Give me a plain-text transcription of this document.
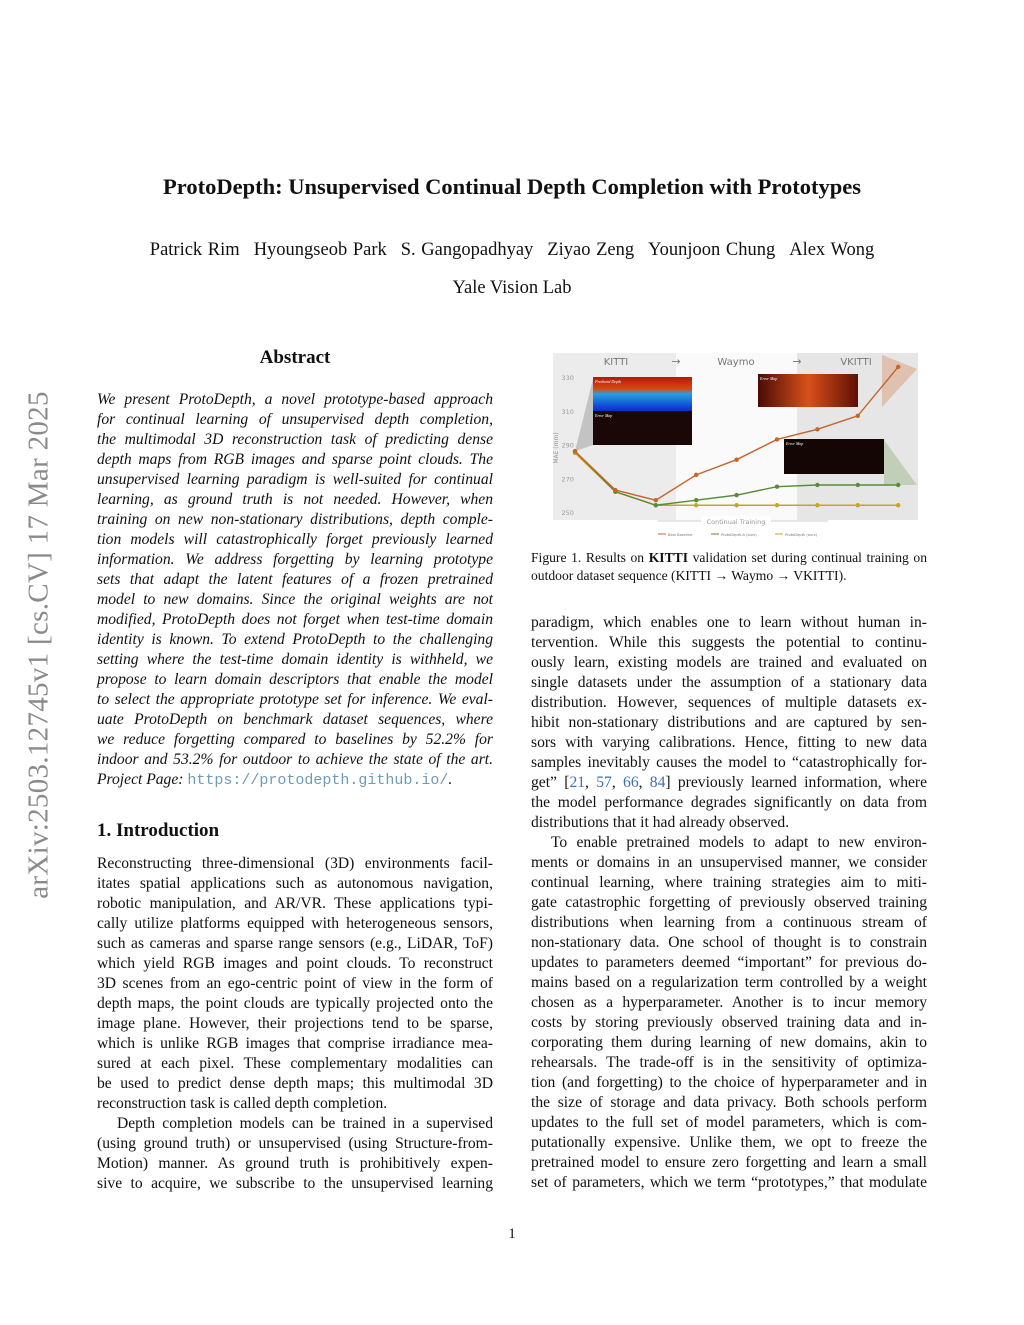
arXiv:2503.12745v1 [cs.CV] 17 Mar 2025
ProtoDepth: Unsupervised Continual Depth Completion with Prototypes
Patrick Rim Hyoungseob Park S. Gangopadhyay Ziyao Zeng Younjoon Chung Alex Wong
Yale Vision Lab
Abstract
We present ProtoDepth, a novel prototype-based approach
for continual learning of unsupervised depth completion,
the multimodal 3D reconstruction task of predicting dense
depth maps from RGB images and sparse point clouds. The
unsupervised learning paradigm is well-suited for continual
learning, as ground truth is not needed. However, when
training on new non-stationary distributions, depth comple-
tion models will catastrophically forget previously learned
information. We address forgetting by learning prototype
sets that adapt the latent features of a frozen pretrained
model to new domains. Since the original weights are not
modified, ProtoDepth does not forget when test-time domain
identity is known. To extend ProtoDepth to the challenging
setting where the test-time domain identity is withheld, we
propose to learn domain descriptors that enable the model
to select the appropriate prototype set for inference. We eval-
uate ProtoDepth on benchmark dataset sequences, where
we reduce forgetting compared to baselines by 52.2% for
indoor and 53.2% for outdoor to achieve the state of the art.
Project Page: https://protodepth.github.io/.
1. Introduction
Reconstructing three-dimensional (3D) environments facil-
itates spatial applications such as autonomous navigation,
robotic manipulation, and AR/VR. These applications typi-
cally utilize platforms equipped with heterogeneous sensors,
such as cameras and sparse range sensors (e.g., LiDAR, ToF)
which yield RGB images and point clouds. To reconstruct
3D scenes from an ego-centric point of view in the form of
depth maps, the point clouds are typically projected onto the
image plane. However, their projections tend to be sparse,
which is unlike RGB images that comprise irradiance mea-
sured at each pixel. These complementary modalities can
be used to predict dense depth maps; this multimodal 3D
reconstruction task is called depth completion.
Depth completion models can be trained in a supervised
(using ground truth) or unsupervised (using Structure-from-
Motion) manner. As ground truth is prohibitively expen-
sive to acquire, we subscribe to the unsupervised learning
paradigm, which enables one to learn without human in-
tervention. While this suggests the potential to continu-
ously learn, existing models are trained and evaluated on
single datasets under the assumption of a stationary data
distribution. However, sequences of multiple datasets ex-
hibit non-stationary distributions and are captured by sen-
sors with varying calibrations. Hence, fitting to new data
samples inevitably causes the model to “catastrophically for-
get” [21, 57, 66, 84] previously learned information, where
the model performance degrades significantly on data from
distributions that it had already observed.
To enable pretrained models to adapt to new environ-
ments or domains in an unsupervised manner, we consider
continual learning, where training strategies aim to miti-
gate catastrophic forgetting of previously observed training
distributions when learning from a continuous stream of
non-stationary data. One school of thought is to constrain
updates to parameters deemed “important” for previous do-
mains based on a regularization term controlled by a weight
chosen as a hyperparameter. Another is to incur memory
costs by storing previously observed training data and in-
corporating them during learning of new domains, akin to
rehearsals. The trade-off is in the sensitivity of optimiza-
tion (and forgetting) to the choice of hyperparameter and in
the size of storage and data privacy. Both schools perform
updates to the full set of model parameters, which is com-
putationally expensive. Unlike them, we opt to freeze the
pretrained model to ensure zero forgetting and learn a small
set of parameters, which we term “prototypes,” that modulate
KITTI	Waymo	VKITTI
→	→
250
270
290
310
330
MAE (mm)
Predicted Depth
Error Map
Error Map
Error Map
Continual Training
Best Baseline	ProtoDepth-A (ours)	ProtoDepth (ours)
Figure 1. Results on KITTI validation set during continual training on outdoor dataset sequence (KITTI → Waymo → VKITTI).
1
